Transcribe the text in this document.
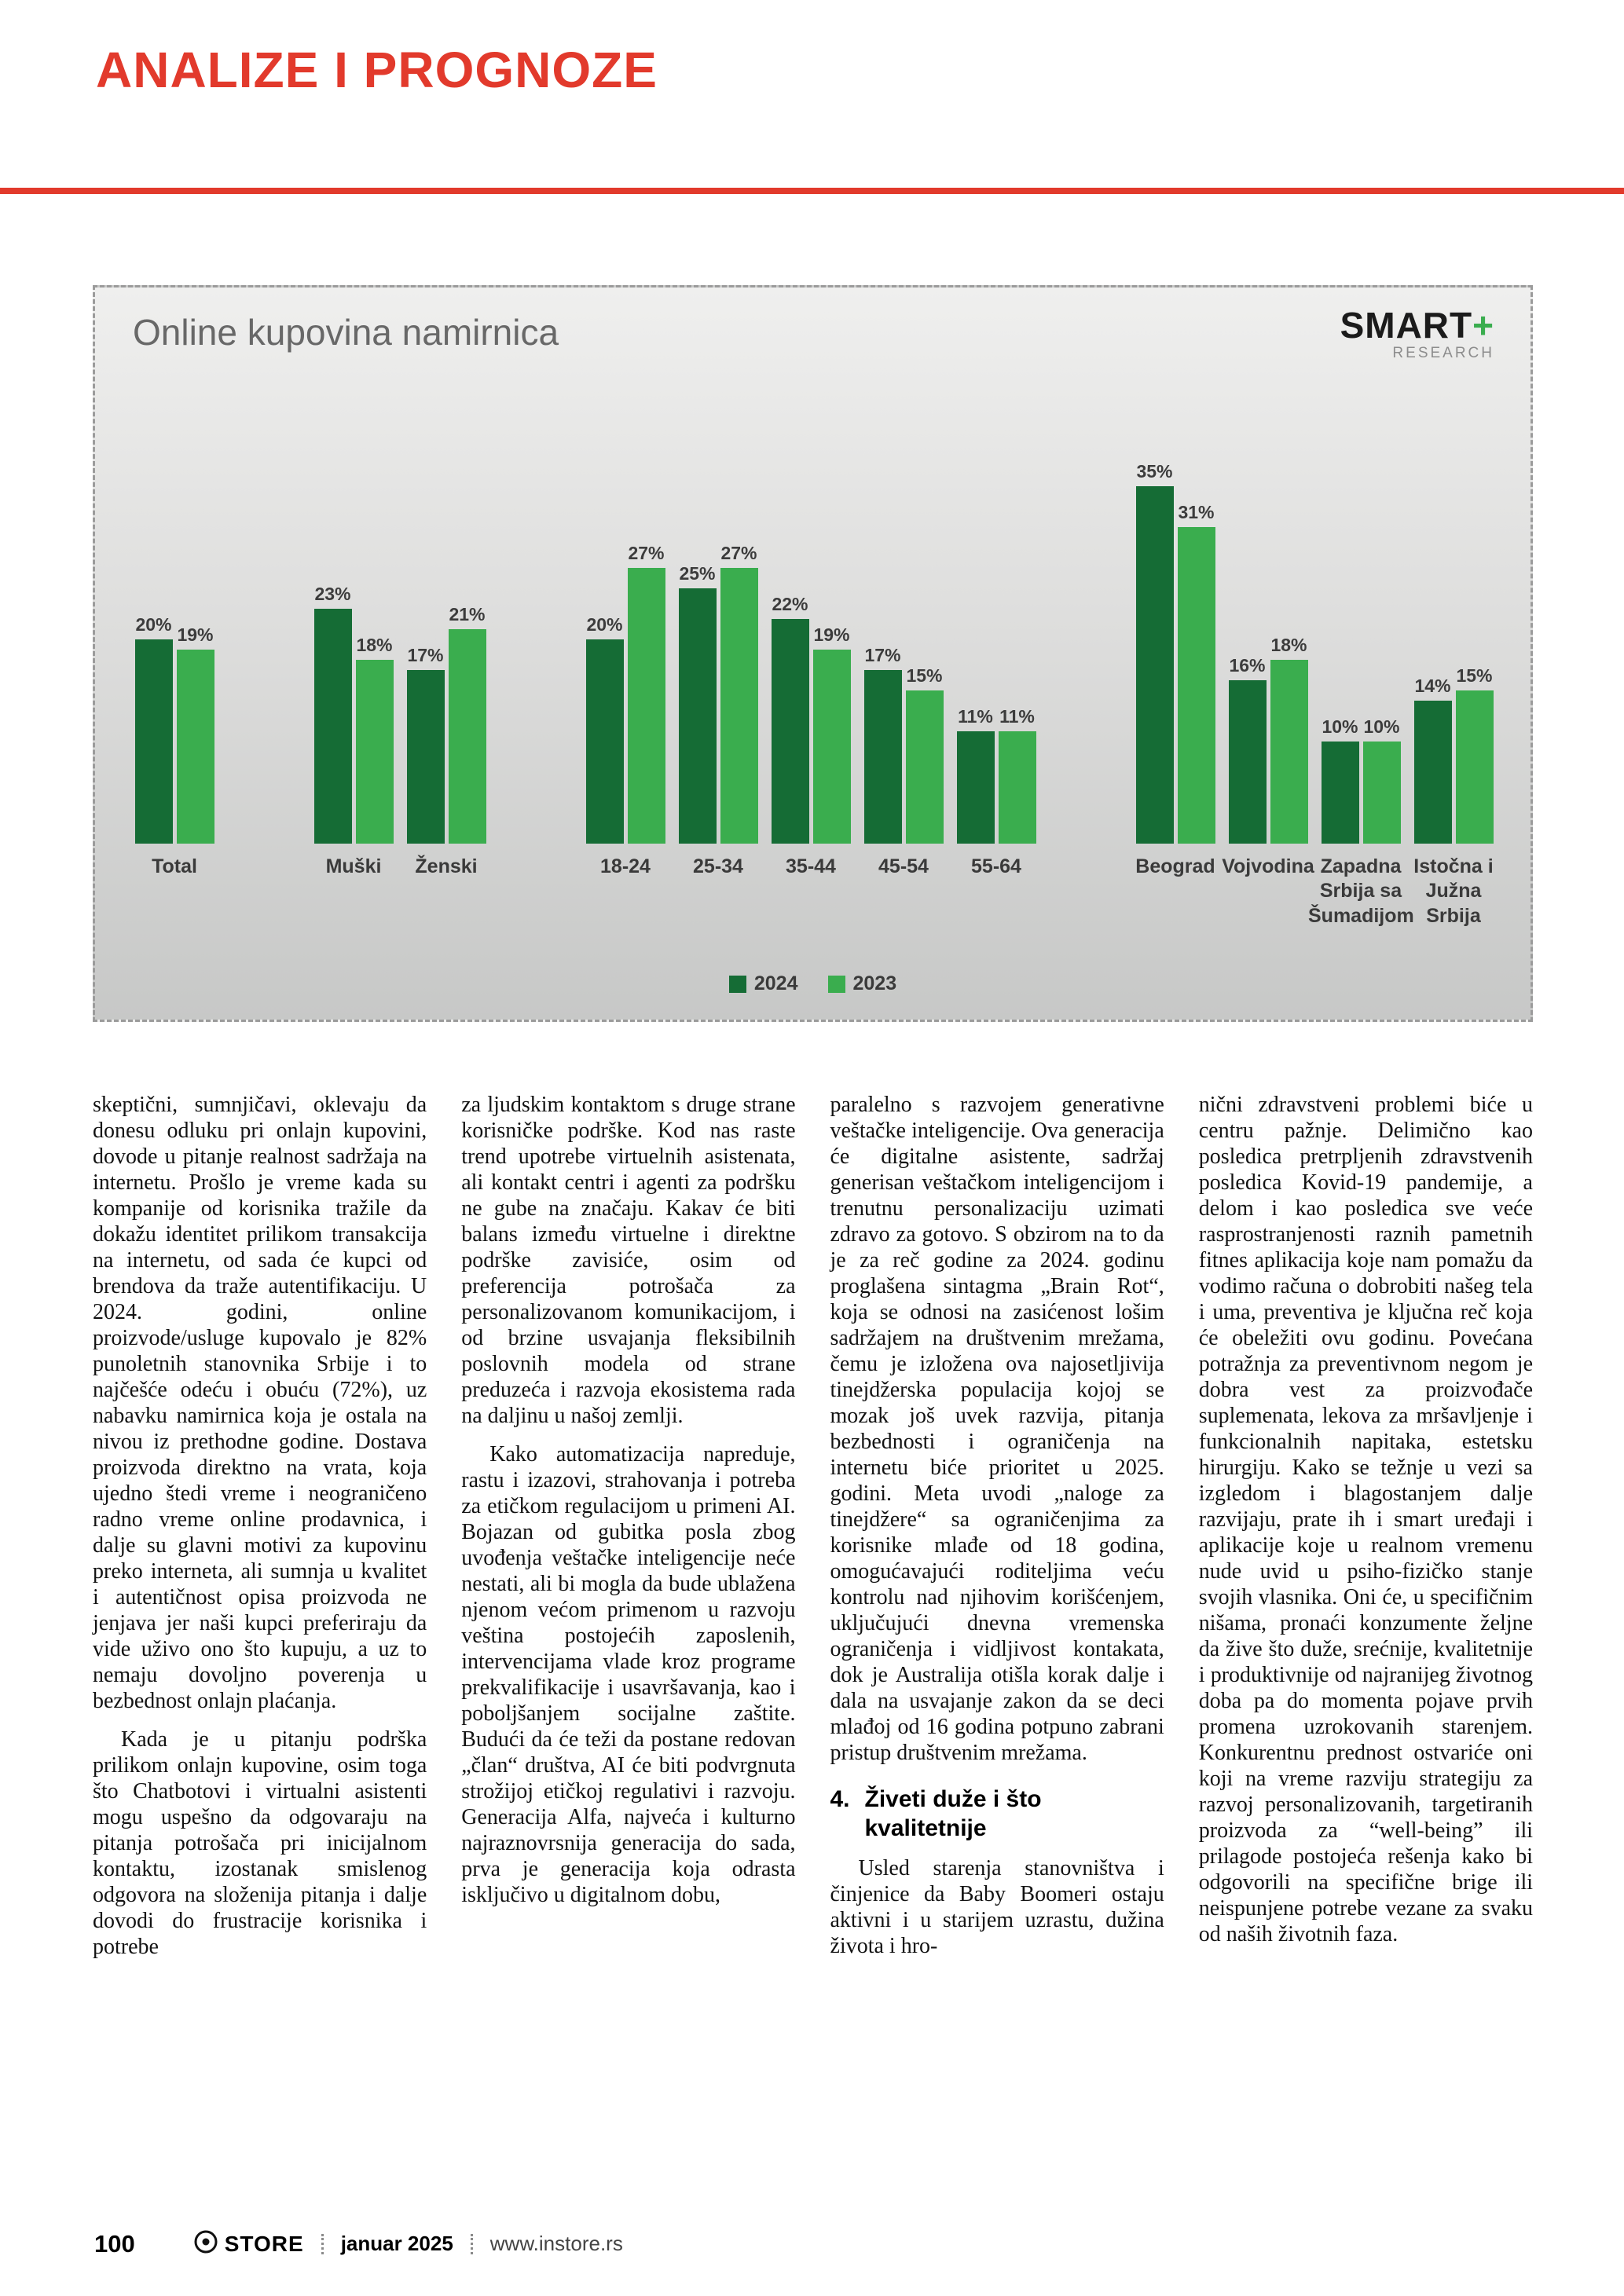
ANALIZE I PROGNOZE
Online kupovina namirnica	SMART+
RESEARCH
20% 19%
Total
23%
18%
Muški
17%
21%
Ženski
20%
27%
18-24
25%
27%
25-34
22%
19%
35-44
17%
15%
45-54
11% 11%
55-64
35%
31%
Beograd
16%
18%
Vojvodina
10% 10%
Zapadna Srbija sa Šumadijom
14% 15%
Istočna i Južna Srbija
2024	2023

skeptični, sumnjičavi, oklevaju da donesu odluku pri onlajn kupovini, dovode u pitanje realnost sadržaja na internetu. Prošlo je vreme kada su kompanije od korisnika tražile da dokažu identitet prilikom transakcija na internetu, od sada će kupci od brendova da traže autentifikaciju. U 2024. godini, online proizvode/usluge kupovalo je 82% punoletnih stanovnika Srbije i to najčešće odeću i obuću (72%), uz nabavku namirnica koja je ostala na nivou iz prethodne godine. Dostava proizvoda direktno na vrata, koja ujedno štedi vreme i neograničeno radno vreme online prodavnica, i dalje su glavni motivi za kupovinu preko interneta, ali sumnja u kvalitet i autentičnost opisa proizvoda ne jenjava jer naši kupci preferiraju da vide uživo ono što kupuju, a uz to nemaju dovoljno poverenja u bezbednost onlajn plaćanja.

Kada je u pitanju podrška prilikom onlajn kupovine, osim toga što Chatbotovi i virtualni asistenti mogu uspešno da odgovaraju na pitanja potrošača pri inicijalnom kontaktu, izostanak smislenog odgovora na složenija pitanja i dalje dovodi do frustracije korisnika i potrebe

za ljudskim kontaktom s druge strane korisničke podrške. Kod nas raste trend upotrebe virtuelnih asistenata, ali kontakt centri i agenti za podršku ne gube na značaju. Kakav će biti balans između virtuelne i direktne podrške zavisiće, osim od preferencija potrošača za personalizovanom komunikacijom, i od brzine usvajanja fleksibilnih poslovnih modela od strane preduzeća i razvoja ekosistema rada na daljinu u našoj zemlji.

Kako automatizacija napreduje, rastu i izazovi, strahovanja i potreba za etičkom regulacijom u primeni AI. Bojazan od gubitka posla zbog uvođenja veštačke inteligencije neće nestati, ali bi mogla da bude ublažena njenom većom primenom u razvoju veština postojećih zaposlenih, intervencijama vlade kroz programe prekvalifikacije i usavršavanja, kao i poboljšanjem socijalne zaštite. Budući da će teži da postane redovan „član“ društva, AI će biti podvrgnuta strožijoj etičkoj regulativi i razvoju. Generacija Alfa, najveća i kulturno najraznovrsnija generacija do sada, prva je generacija koja odrasta isključivo u digitalnom dobu,

paralelno s razvojem generativne veštačke inteligencije. Ova generacija će digitalne asistente, sadržaj generisan veštačkom inteligencijom i trenutnu personalizaciju uzimati zdravo za gotovo. S obzirom na to da je za reč godine za 2024. godinu proglašena sintagma „Brain Rot“, koja se odnosi na zasićenost lošim sadržajem na društvenim mrežama, čemu je izložena ova najosetljivija tinejdžerska populacija kojoj se mozak još uvek razvija, pitanja bezbednosti i ograničenja na internetu biće prioritet u 2025. godini. Meta uvodi „naloge za tinejdžere“ sa ograničenjima za korisnike mlađe od 18 godina, omogućavajući roditeljima veću kontrolu nad njihovim korišćenjem, uključujući dnevna vremenska ograničenja i vidljivost kontakata, dok je Australija otišla korak dalje i dala na usvajanje zakon da se deci mlađoj od 16 godina potpuno zabrani pristup društvenim mrežama.

4. Živeti duže i što kvalitetnije

Usled starenja stanovništva i činjenice da Baby Boomeri ostaju aktivni i u starijem uzrastu, dužina života i hro-

nični zdravstveni problemi biće u centru pažnje. Delimično kao posledica pretrpljenih zdravstvenih posledica Kovid-19 pandemije, a delom i kao posledica sve veće rasprostranjenosti raznih pametnih fitnes aplikacija koje nam pomažu da vodimo računa o dobrobiti našeg tela i uma, preventiva je ključna reč koja će obeležiti ovu godinu. Povećana potražnja za preventivnom negom je dobra vest za proizvođače suplemenata, lekova za mršavljenje i funkcionalnih napitaka, estetsku hirurgiju. Kako se težnje u vezi sa izgledom i blagostanjem dalje razvijaju, prate ih i smart uređaji i aplikacije koje u realnom vremenu nude uvid u psiho-fizičko stanje svojih vlasnika. Oni će, u specifičnim nišama, pronaći konzumente željne da žive što duže, srećnije, kvalitetnije i produktivnije od najranijeg životnog doba pa do momenta pojave prvih promena uzrokovanih starenjem. Konkurentnu prednost ostvariće oni koji na vreme razviju strategiju za razvoj personalizovanih, targetiranih proizvoda za “well-being” ili prilagode postojeća rešenja kako bi odgovorili na specifične brige ili neispunjene potrebe vezane za svaku od naših životnih faza.

100	STORE januar 2025 www.instore.rs
